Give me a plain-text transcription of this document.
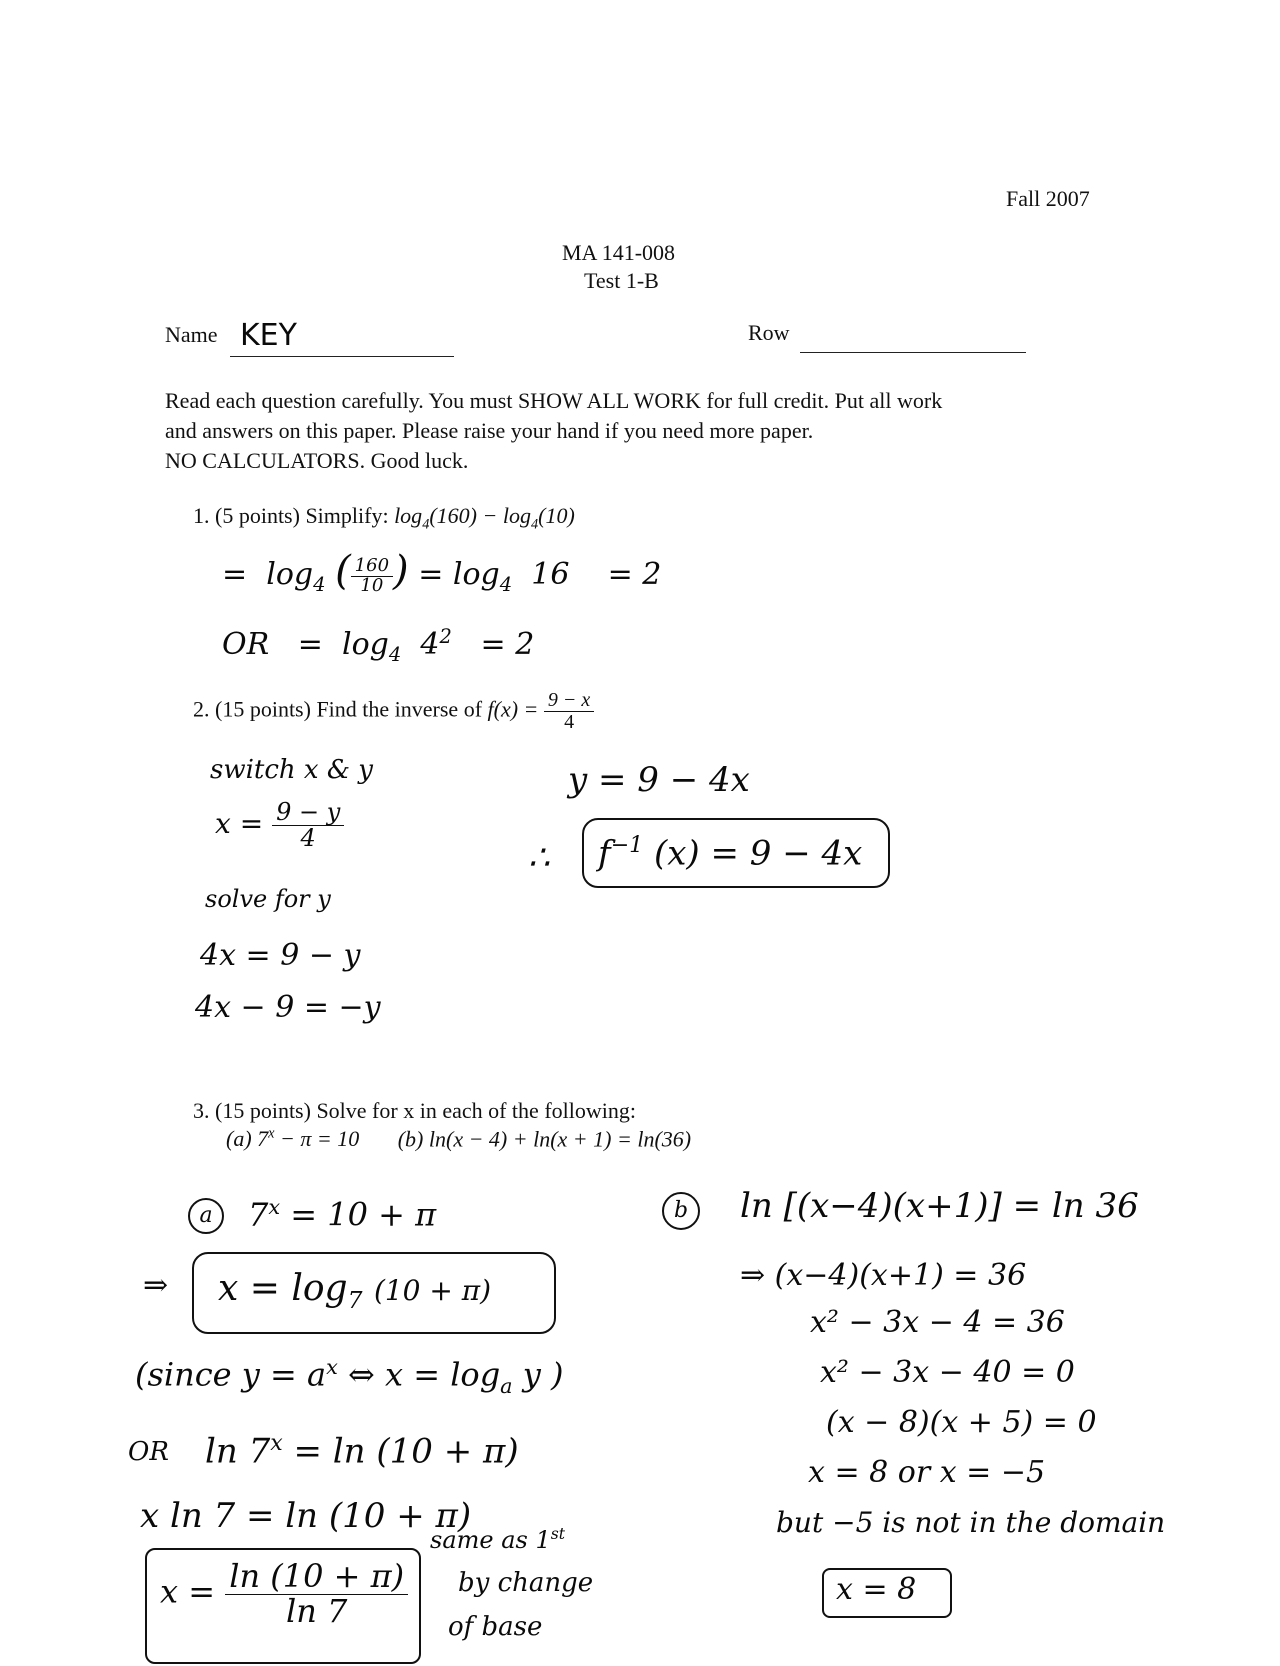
Fall 2007
MA 141-008
Test 1-B
Name KEY	Row
Read each question carefully. You must SHOW ALL WORK for full credit. Put all work
and answers on this paper. Please raise your hand if you need more paper.
NO CALCULATORS. Good luck.
1. (5 points) Simplify: $\log_4(160) - \log_4(10)$
= $\log_4$ ( $\frac{160}{10}$ ) = $\log_4 16 = 2$
OR = $\log_4 4^2 = 2$
2. (15 points) Find the inverse of $f(x) = \frac{9 - x}{4}$
switch x & y
$x = \frac{9 - y}{4}$
solve for y
4x = 9 − y
4x − 9 = −y
y = 9 − 4x
∴ $f^{-1}$ (x) = 9 − 4x
3. (15 points) Solve for x in each of the following:
(a) $7^x - \pi = 10$ (b) ln(x − 4) + ln(x + 1) = ln(36)
a	$7^x = 10 + \pi$
⇒ $x = \log_7 (10 + \pi)$
(since $y = a^x$ ⇔ $x = \log_a y$ )
OR $\ln 7^x = \ln (10 + \pi)$
x ln 7 = ln (10 + π)
$x = \frac{\ln (10 + \pi)}{\ln 7}$
same as 1st
by change
of base
b	ln [(x−4)(x+1)] = ln 36
⇒ (x−4)(x+1) = 36
x² − 3x − 4 = 36
x² − 3x − 40 = 0
(x − 8)(x + 5) = 0
x = 8 or x = −5
but −5 is not in the domain
x = 8
